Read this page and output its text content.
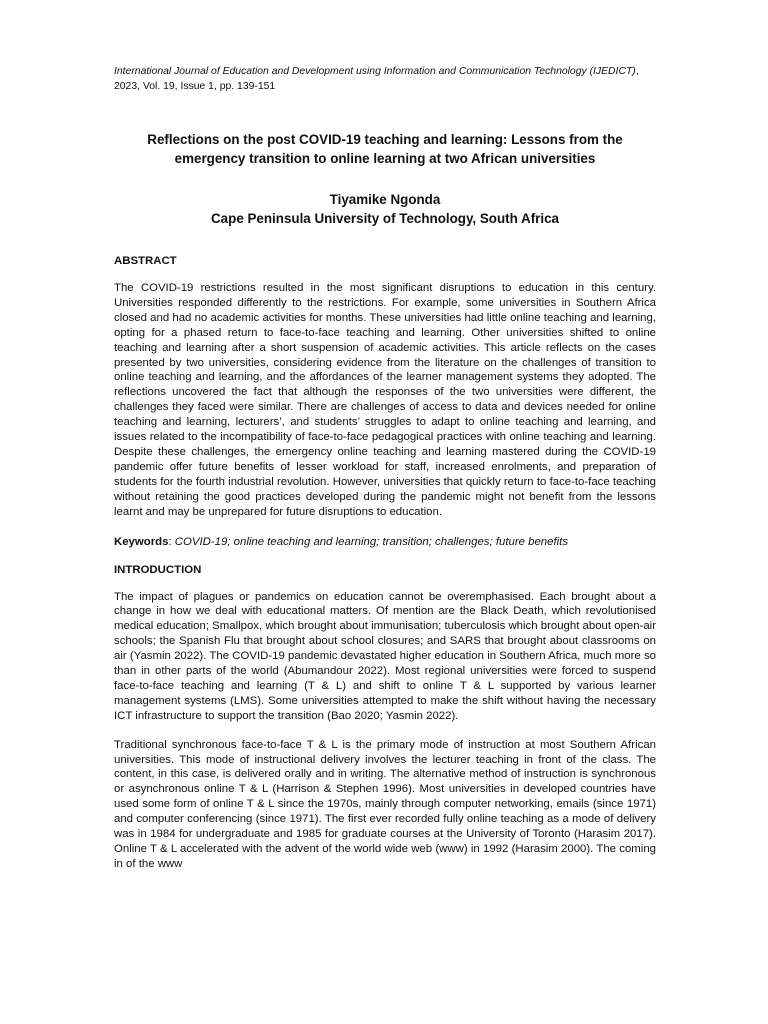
International Journal of Education and Development using Information and Communication Technology (IJEDICT), 2023, Vol. 19, Issue 1, pp. 139-151

Reflections on the post COVID-19 teaching and learning: Lessons from the
emergency transition to online learning at two African universities
Tiyamike Ngonda
Cape Peninsula University of Technology, South Africa
ABSTRACT

The COVID-19 restrictions resulted in the most significant disruptions to education in this century. Universities responded differently to the restrictions. For example, some universities in Southern Africa closed and had no academic activities for months. These universities had little online teaching and learning, opting for a phased return to face-to-face teaching and learning. Other universities shifted to online teaching and learning after a short suspension of academic activities. This article reflects on the cases presented by two universities, considering evidence from the literature on the challenges of transition to online teaching and learning, and the affordances of the learner management systems they adopted. The reflections uncovered the fact that although the responses of the two universities were different, the challenges they faced were similar. There are challenges of access to data and devices needed for online teaching and learning, lecturers’, and students’ struggles to adapt to online teaching and learning, and issues related to the incompatibility of face-to-face pedagogical practices with online teaching and learning. Despite these challenges, the emergency online teaching and learning mastered during the COVID-19 pandemic offer future benefits of lesser workload for staff, increased enrolments, and preparation of students for the fourth industrial revolution. However, universities that quickly return to face-to-face teaching without retaining the good practices developed during the pandemic might not benefit from the lessons learnt and may be unprepared for future disruptions to education.

Keywords: COVID-19; online teaching and learning; transition; challenges; future benefits

INTRODUCTION

The impact of plagues or pandemics on education cannot be overemphasised. Each brought about a change in how we deal with educational matters. Of mention are the Black Death, which revolutionised medical education; Smallpox, which brought about immunisation; tuberculosis which brought about open-air schools; the Spanish Flu that brought about school closures; and SARS that brought about classrooms on air (Yasmin 2022). The COVID-19 pandemic devastated higher education in Southern Africa, much more so than in other parts of the world (Abumandour 2022). Most regional universities were forced to suspend face-to-face teaching and learning (T & L) and shift to online T & L supported by various learner management systems (LMS). Some universities attempted to make the shift without having the necessary ICT infrastructure to support the transition (Bao 2020; Yasmin 2022).

Traditional synchronous face-to-face T & L is the primary mode of instruction at most Southern African universities. This mode of instructional delivery involves the lecturer teaching in front of the class. The content, in this case, is delivered orally and in writing. The alternative method of instruction is synchronous or asynchronous online T & L (Harrison & Stephen 1996). Most universities in developed countries have used some form of online T & L since the 1970s, mainly through computer networking, emails (since 1971) and computer conferencing (since 1971). The first ever recorded fully online teaching as a mode of delivery was in 1984 for undergraduate and 1985 for graduate courses at the University of Toronto (Harasim 2017). Online T & L accelerated with the advent of the world wide web (www) in 1992 (Harasim 2000). The coming in of the www
